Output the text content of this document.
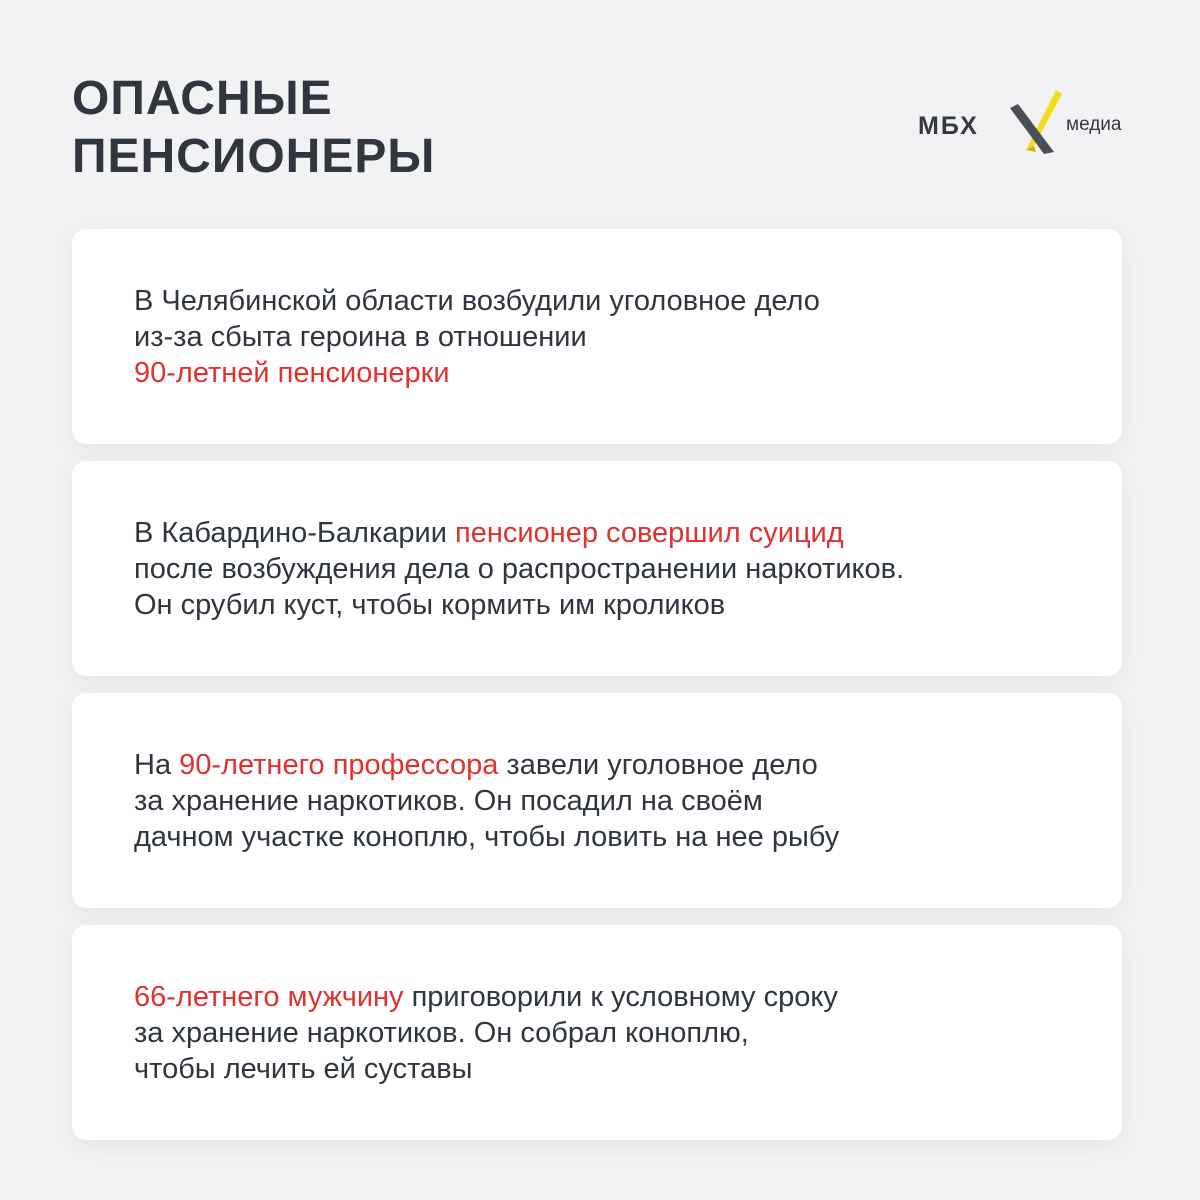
ОПАСНЫЕ
ПЕНСИОНЕРЫ
МБХ	медиа
В Челябинской области возбудили уголовное дело
из-за сбыта героина в отношении
90-летней пенсионерки
В Кабардино-Балкарии пенсионер совершил суицид
после возбуждения дела о распространении наркотиков.
Он срубил куст, чтобы кормить им кроликов
На 90-летнего профессора завели уголовное дело
за хранение наркотиков. Он посадил на своём
дачном участке коноплю, чтобы ловить на нее рыбу
66-летнего мужчину приговорили к условному сроку
за хранение наркотиков. Он собрал коноплю,
чтобы лечить ей суставы
